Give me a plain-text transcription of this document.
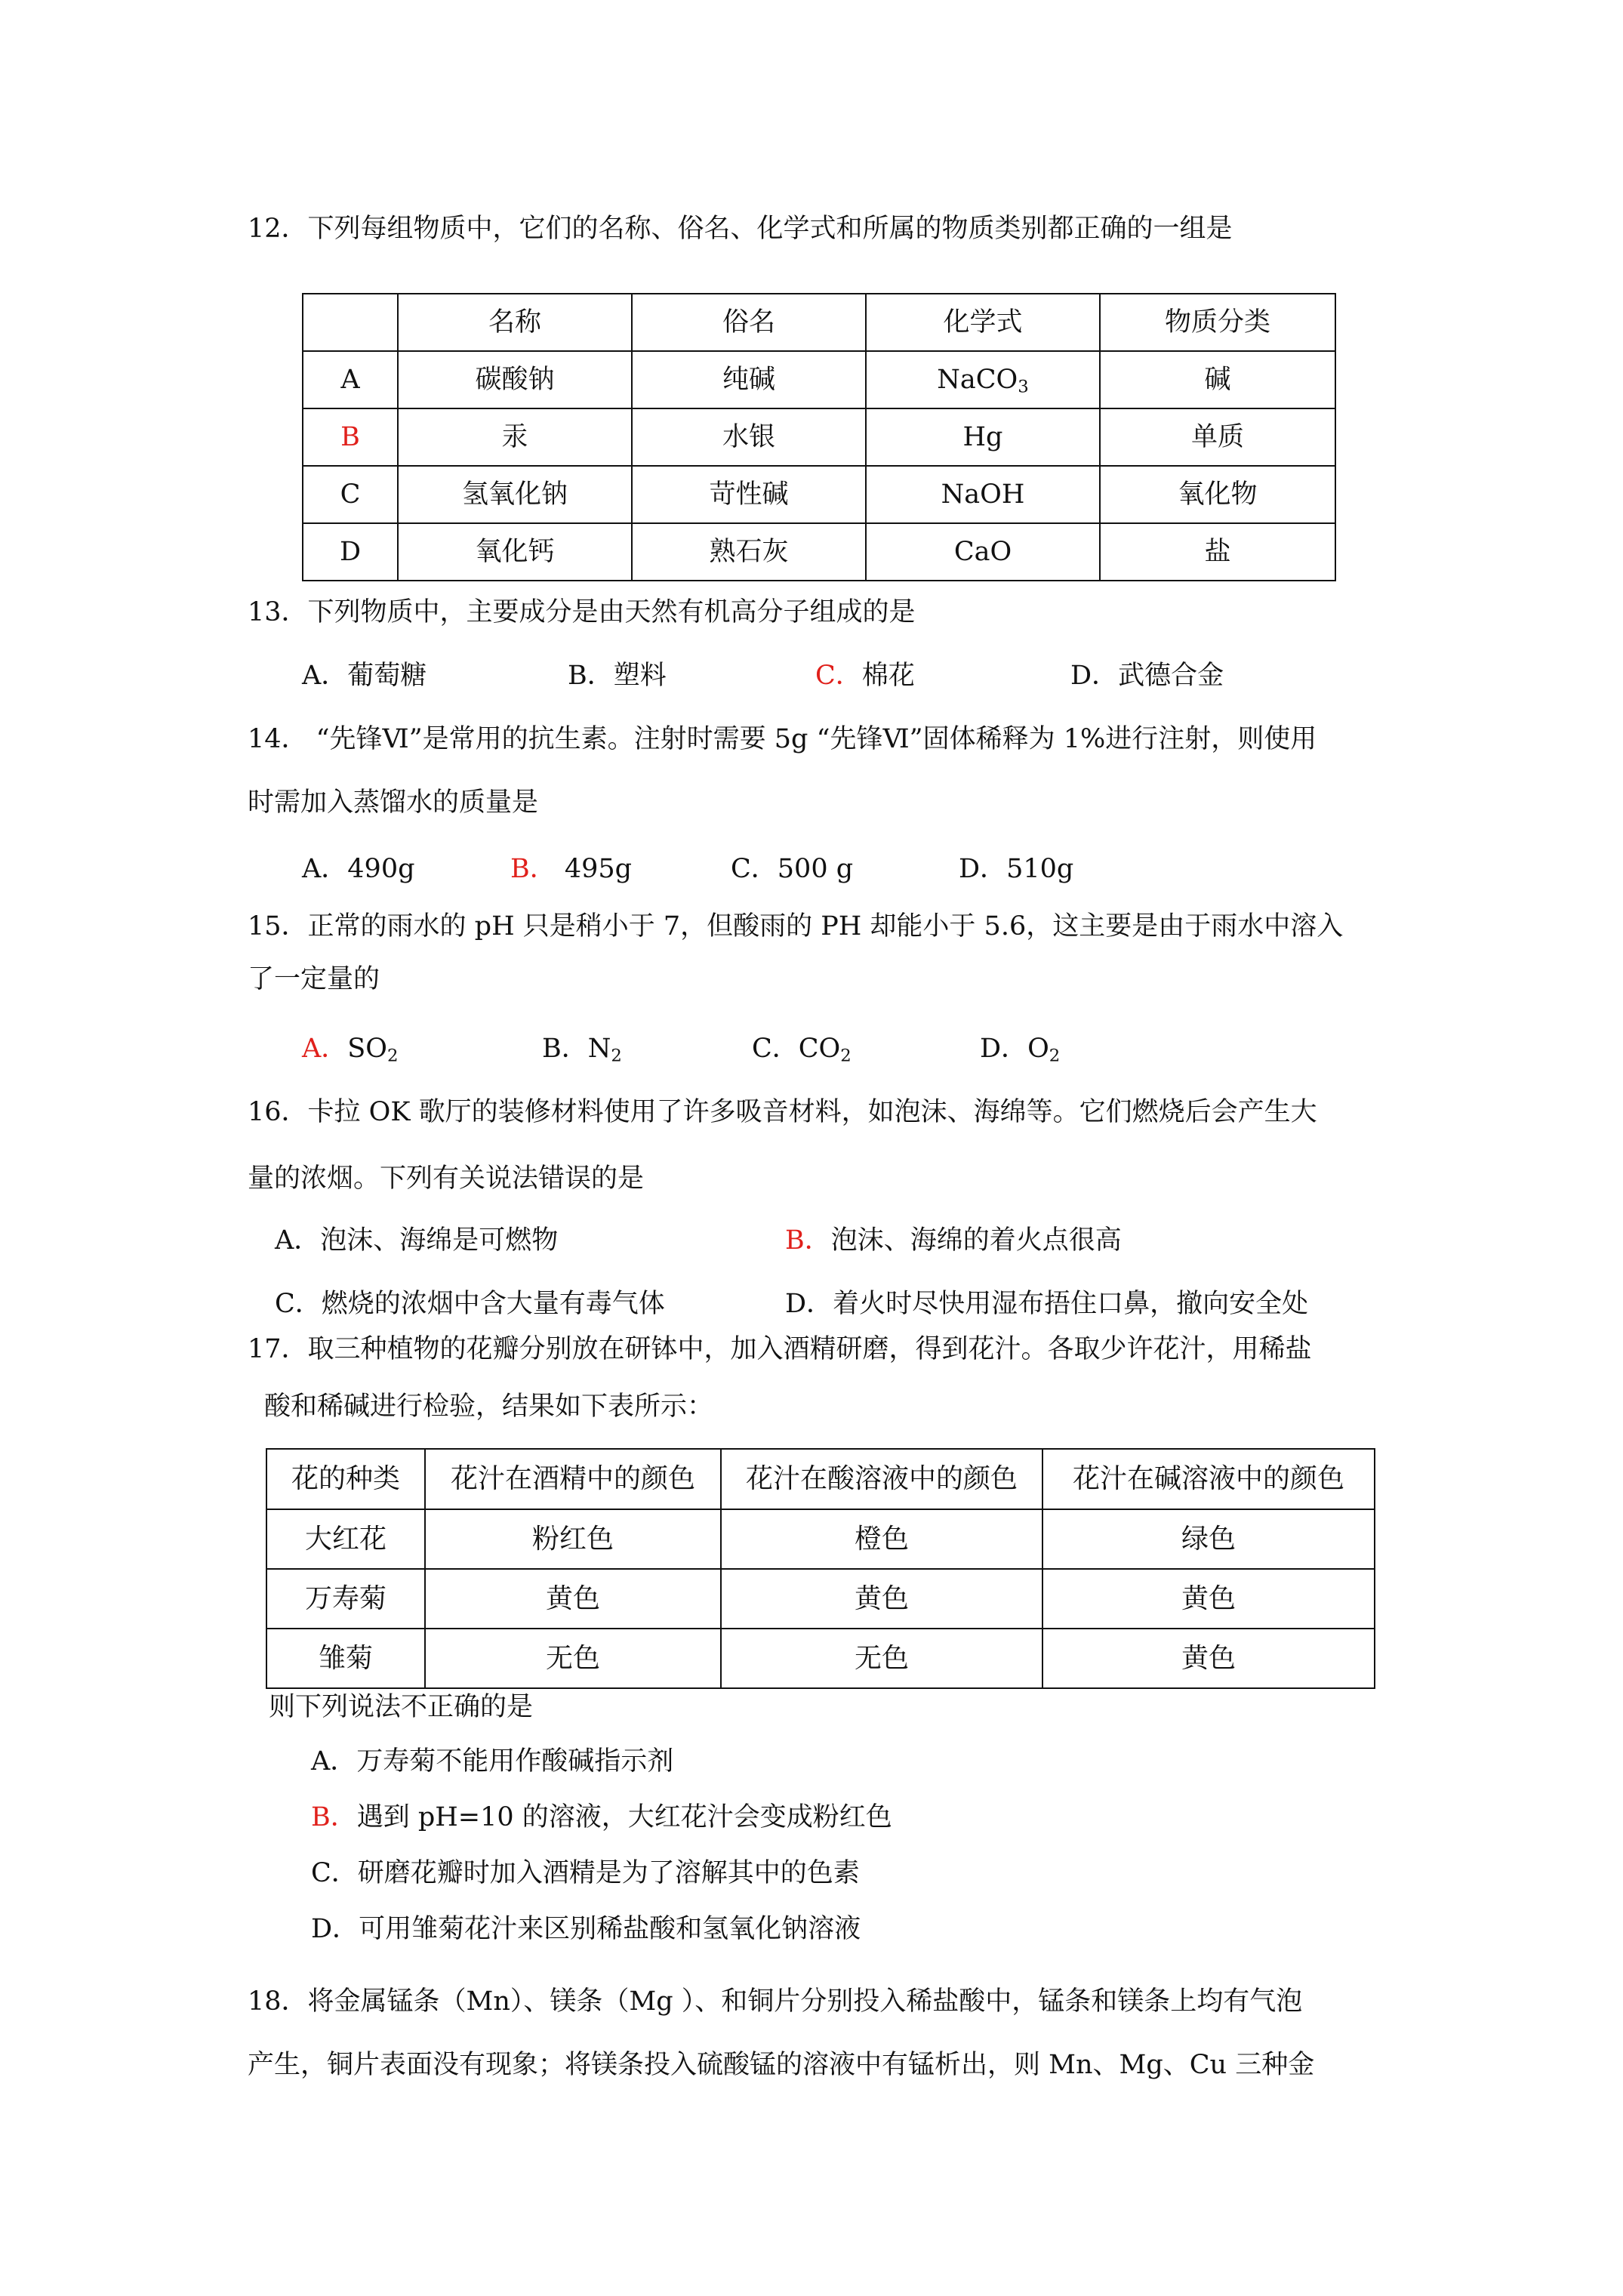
12．下列每组物质中，它们的名称、俗名、化学式和所属的物质类别都正确的一组是
	名称	俗名	化学式	物质分类
A	碳酸钠	纯碱	NaCO$_3$	碱
B	汞	水银	Hg	单质
C	氢氧化钠	苛性碱	NaOH	氧化物
D	氧化钙	熟石灰	CaO	盐
13．下列物质中，主要成分是由天然有机高分子组成的是
A．葡萄糖	B．塑料	C．棉花	D．武德合金
14． “先锋Ⅵ”是常用的抗生素。注射时需要 5g “先锋Ⅵ”固体稀释为 1%进行注射，则使用
时需加入蒸馏水的质量是
A．490g	B． 495g	C．500 g	D．510g
15．正常的雨水的 pH 只是稍小于 7，但酸雨的 PH 却能小于 5.6，这主要是由于雨水中溶入
了一定量的
A．$SO_2$	B．$N_2$	C．$CO_2$	D．$O_2$
16．卡拉 OK 歌厅的装修材料使用了许多吸音材料，如泡沫、海绵等。它们燃烧后会产生大
量的浓烟。下列有关说法错误的是
A．泡沫、海绵是可燃物	B．泡沫、海绵的着火点很高
C．燃烧的浓烟中含大量有毒气体	D．着火时尽快用湿布捂住口鼻，撤向安全处
17．取三种植物的花瓣分别放在研钵中，加入酒精研磨，得到花汁。各取少许花汁，用稀盐
酸和稀碱进行检验，结果如下表所示：
花的种类	花汁在酒精中的颜色	花汁在酸溶液中的颜色	花汁在碱溶液中的颜色
大红花	粉红色	橙色	绿色
万寿菊	黄色	黄色	黄色
雏菊	无色	无色	黄色
则下列说法不正确的是
A．万寿菊不能用作酸碱指示剂
B．遇到 pH=10 的溶液，大红花汁会变成粉红色
C．研磨花瓣时加入酒精是为了溶解其中的色素
D．可用雏菊花汁来区别稀盐酸和氢氧化钠溶液
18．将金属锰条（Mn）、镁条（Mg ）、和铜片分别投入稀盐酸中，锰条和镁条上均有气泡
产生，铜片表面没有现象；将镁条投入硫酸锰的溶液中有锰析出，则 Mn、Mg、Cu 三种金
